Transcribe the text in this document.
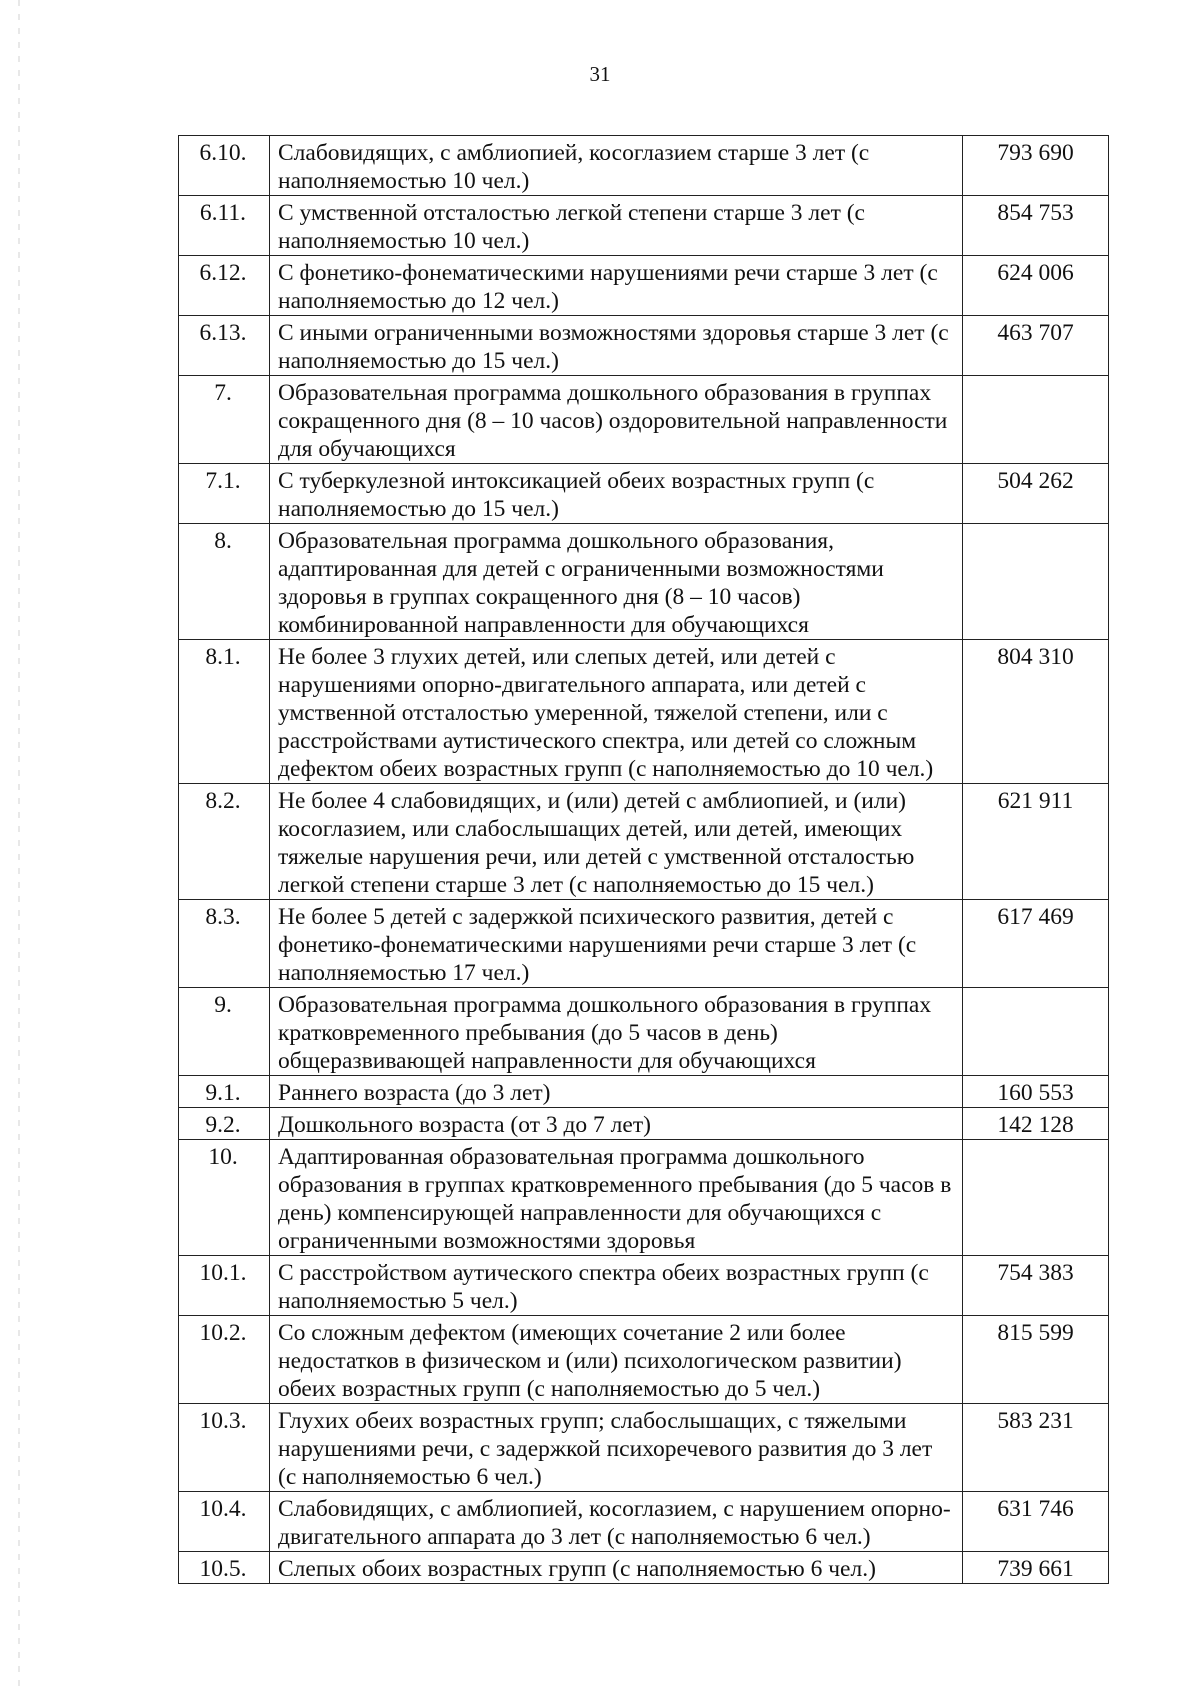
31
6.10.	Слабовидящих, с амблиопией, косоглазием старше 3 лет (с наполняемостью 10 чел.)	793 690
6.11.	С умственной отсталостью легкой степени старше 3 лет (с наполняемостью 10 чел.)	854 753
6.12.	С фонетико-фонематическими нарушениями речи старше 3 лет (с наполняемостью до 12 чел.)	624 006
6.13.	С иными ограниченными возможностями здоровья старше 3 лет (с наполняемостью до 15 чел.)	463 707
7.	Образовательная программа дошкольного образования в группах сокращенного дня (8 – 10 часов) оздоровительной направленности для обучающихся	
7.1.	С туберкулезной интоксикацией обеих возрастных групп (с наполняемостью до 15 чел.)	504 262
8.	Образовательная программа дошкольного образования, адаптированная для детей с ограниченными возможностями здоровья в группах сокращенного дня (8 – 10 часов) комбинированной направленности для обучающихся	
8.1.	Не более 3 глухих детей, или слепых детей, или детей с нарушениями опорно-двигательного аппарата, или детей с умственной отсталостью умеренной, тяжелой степени, или с расстройствами аутистического спектра, или детей со сложным дефектом обеих возрастных групп (с наполняемостью до 10 чел.)	804 310
8.2.	Не более 4 слабовидящих, и (или) детей с амблиопией, и (или) косоглазием, или слабослышащих детей, или детей, имеющих тяжелые нарушения речи, или детей с умственной отсталостью легкой степени старше 3 лет (с наполняемостью до 15 чел.)	621 911
8.3.	Не более 5 детей с задержкой психического развития, детей с фонетико-фонематическими нарушениями речи старше 3 лет (с наполняемостью 17 чел.)	617 469
9.	Образовательная программа дошкольного образования в группах кратковременного пребывания (до 5 часов в день) общеразвивающей направленности для обучающихся	
9.1.	Раннего возраста (до 3 лет)	160 553
9.2.	Дошкольного возраста (от 3 до 7 лет)	142 128
10.	Адаптированная образовательная программа дошкольного образования в группах кратковременного пребывания (до 5 часов в день) компенсирующей направленности для обучающихся с ограниченными возможностями здоровья	
10.1.	С расстройством аутического спектра обеих возрастных групп (с наполняемостью 5 чел.)	754 383
10.2.	Со сложным дефектом (имеющих сочетание 2 или более недостатков в физическом и (или) психологическом развитии) обеих возрастных групп (с наполняемостью до 5 чел.)	815 599
10.3.	Глухих обеих возрастных групп; слабослышащих, с тяжелыми нарушениями речи, с задержкой психоречевого развития до 3 лет (с наполняемостью 6 чел.)	583 231
10.4.	Слабовидящих, с амблиопией, косоглазием, с нарушением опорно-двигательного аппарата до 3 лет (с наполняемостью 6 чел.)	631 746
10.5.	Слепых обоих возрастных групп (с наполняемостью 6 чел.)	739 661
